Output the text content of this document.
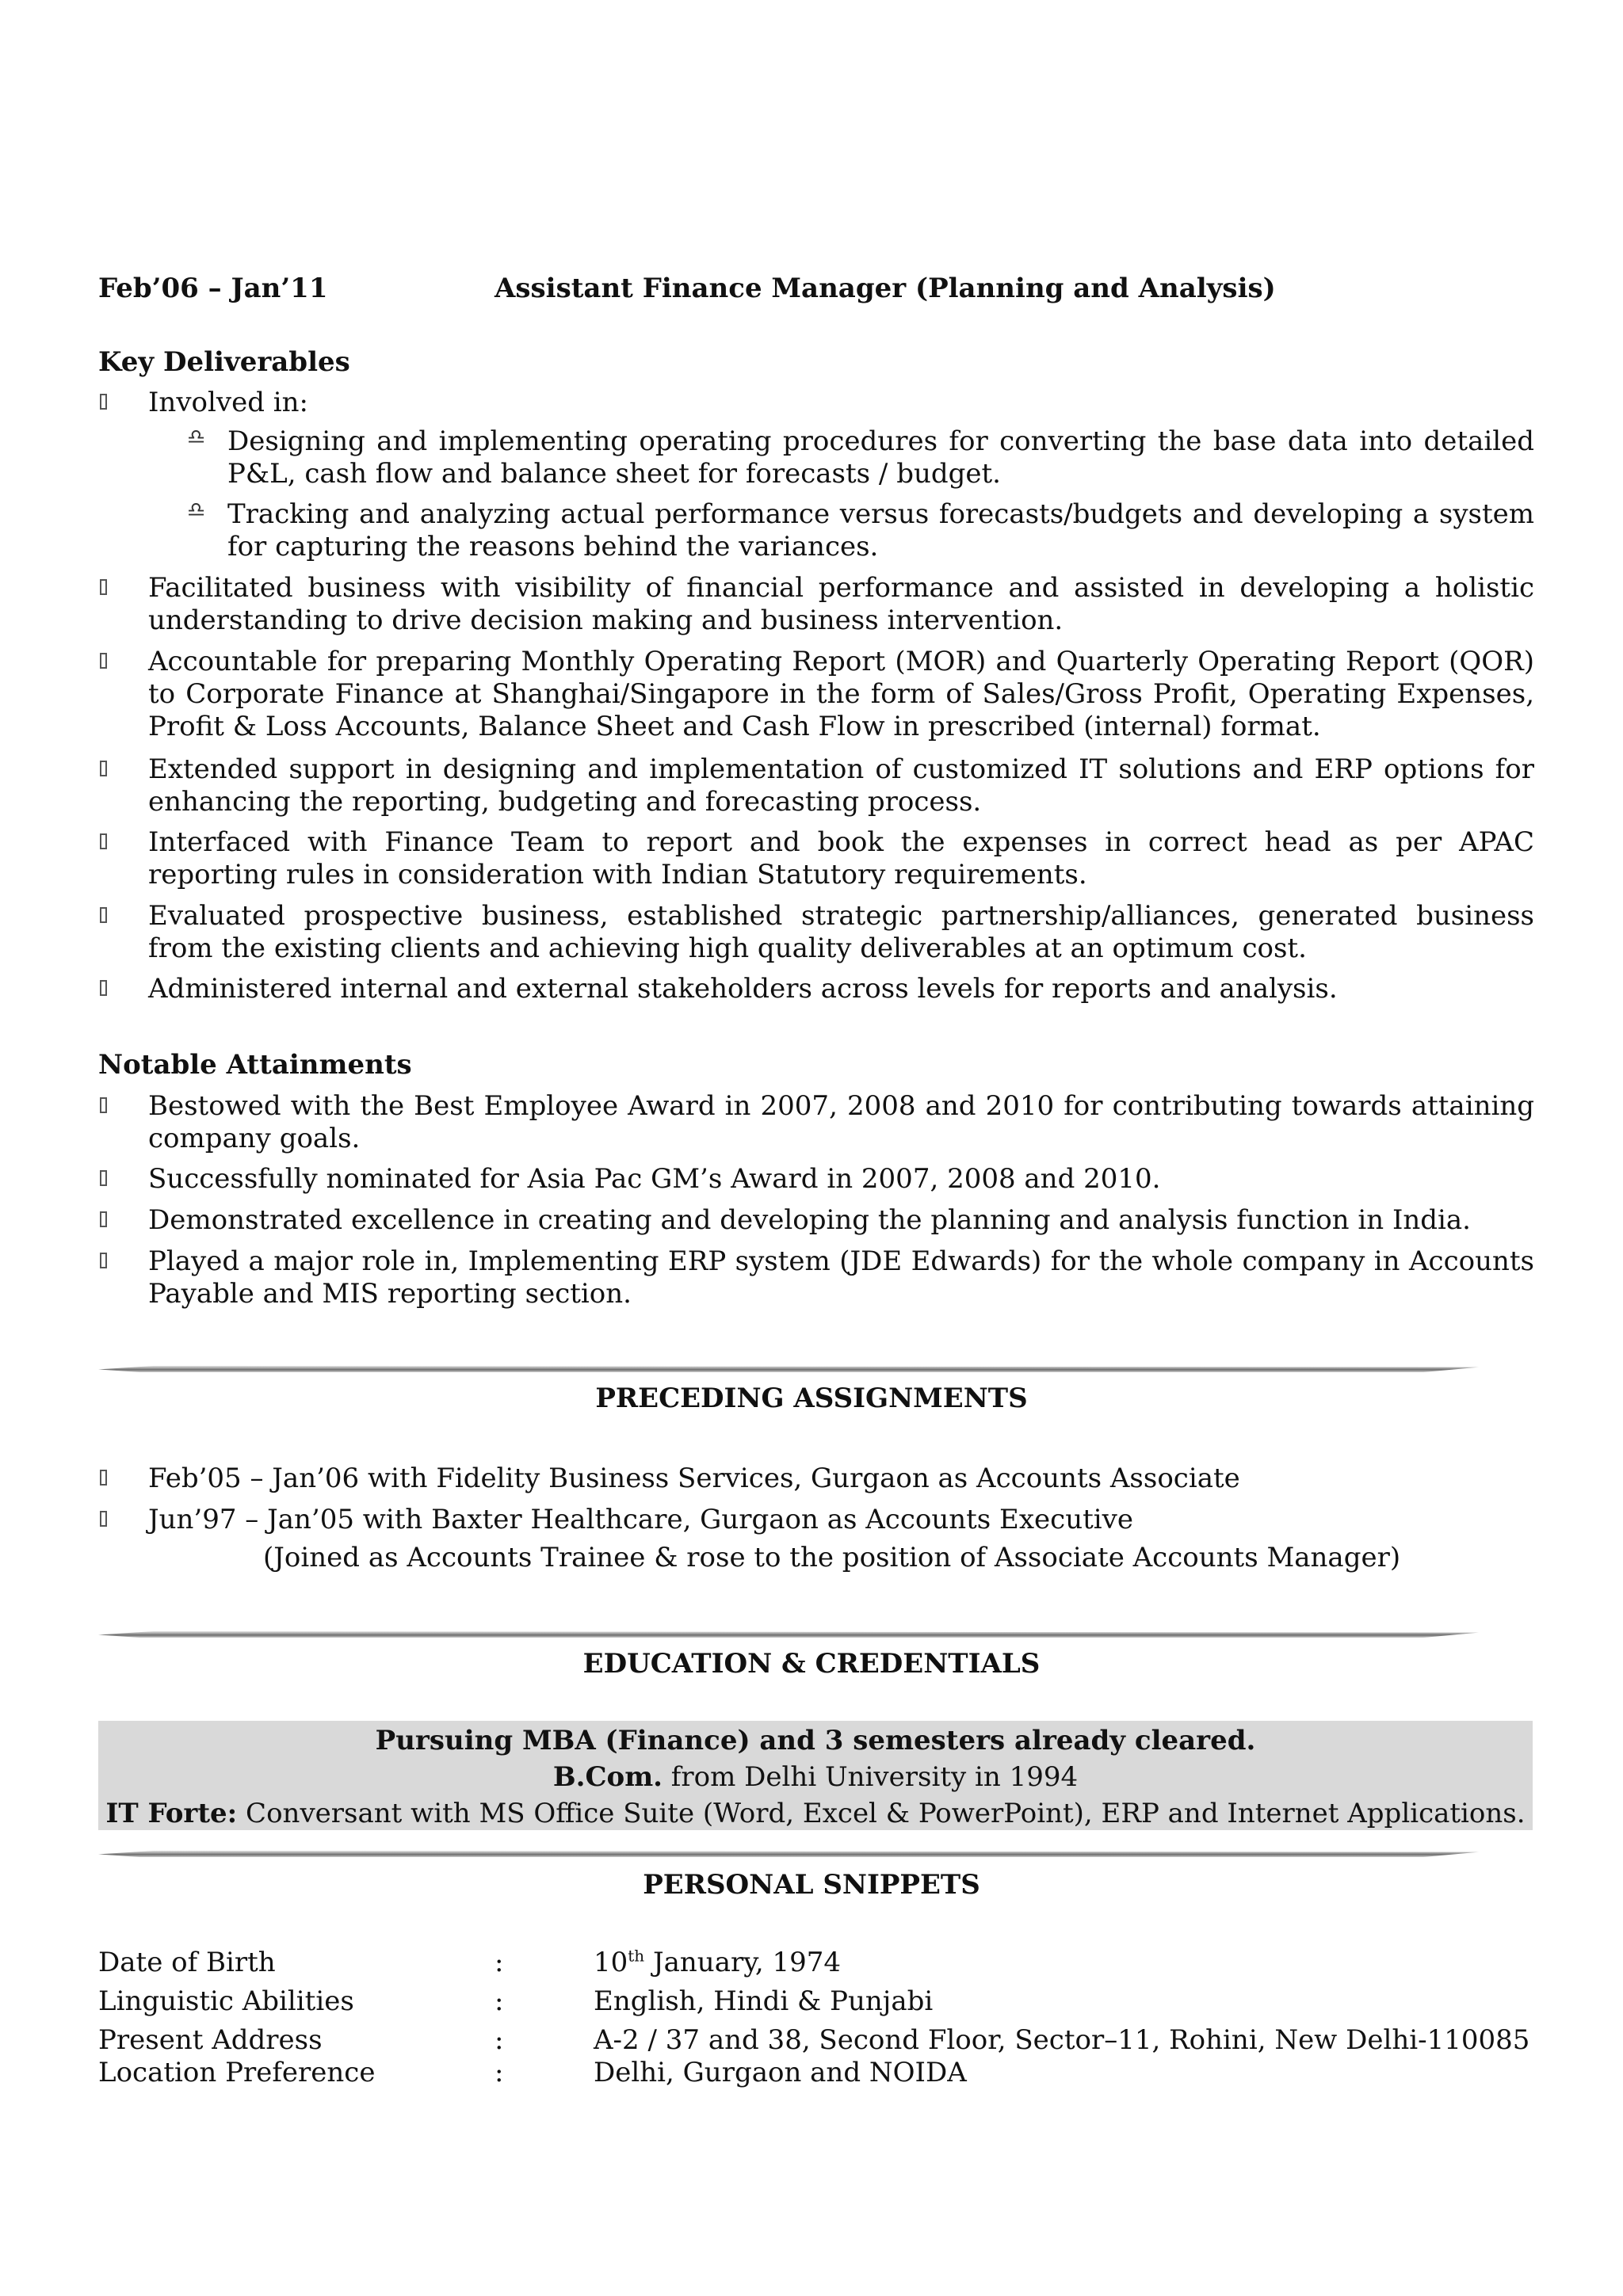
Feb’06 – Jan’11	Assistant Finance Manager (Planning and Analysis)
Key Deliverables
Involved in:
♎ Designing and implementing operating procedures for converting the base data into detailed P&L, cash flow and balance sheet for forecasts / budget.
♎ Tracking and analyzing actual performance versus forecasts/budgets and developing a system for capturing the reasons behind the variances.
Facilitated business with visibility of financial performance and assisted in developing a holistic understanding to drive decision making and business intervention.
Accountable for preparing Monthly Operating Report (MOR) and Quarterly Operating Report (QOR) to Corporate Finance at Shanghai/Singapore in the form of Sales/Gross Profit, Operating Expenses, Profit & Loss Accounts, Balance Sheet and Cash Flow in prescribed (internal) format.
Extended support in designing and implementation of customized IT solutions and ERP options for enhancing the reporting, budgeting and forecasting process.
Interfaced with Finance Team to report and book the expenses in correct head as per APAC reporting rules in consideration with Indian Statutory requirements.
Evaluated prospective business, established strategic partnership/alliances, generated business from the existing clients and achieving high quality deliverables at an optimum cost.
Administered internal and external stakeholders across levels for reports and analysis.
Notable Attainments
Bestowed with the Best Employee Award in 2007, 2008 and 2010 for contributing towards attaining company goals.
Successfully nominated for Asia Pac GM’s Award in 2007, 2008 and 2010.
Demonstrated excellence in creating and developing the planning and analysis function in India.
Played a major role in, Implementing ERP system (JDE Edwards) for the whole company in Accounts Payable and MIS reporting section.
PRECEDING ASSIGNMENTS
Feb’05 – Jan’06 with Fidelity Business Services, Gurgaon as Accounts Associate
Jun’97 – Jan’05 with Baxter Healthcare, Gurgaon as Accounts Executive
(Joined as Accounts Trainee & rose to the position of Associate Accounts Manager)
EDUCATION & CREDENTIALS
Pursuing MBA (Finance) and 3 semesters already cleared.
B.Com. from Delhi University in 1994
IT Forte: Conversant with MS Office Suite (Word, Excel & PowerPoint), ERP and Internet Applications.
PERSONAL SNIPPETS
Date of Birth	:	10th January, 1974
Linguistic Abilities	:	English, Hindi & Punjabi
Present Address	:	A-2 / 37 and 38, Second Floor, Sector–11, Rohini, New Delhi-110085
Location Preference	:	Delhi, Gurgaon and NOIDA
